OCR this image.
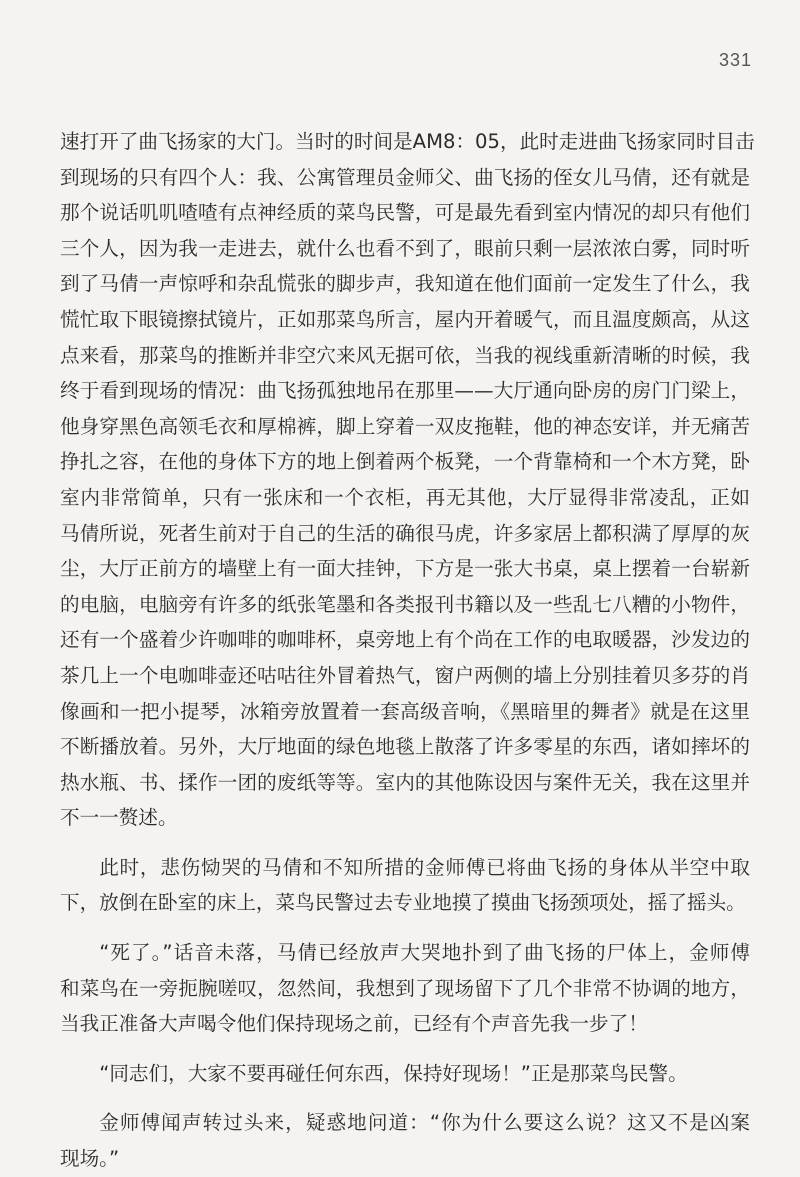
331
速打开了曲飞扬家的大门。当时的时间是AM8：05，此时走进曲飞扬家同时目击
到现场的只有四个人：我、公寓管理员金师父、曲飞扬的侄女儿马倩，还有就是
那个说话叽叽喳喳有点神经质的菜鸟民警，可是最先看到室内情况的却只有他们
三个人，因为我一走进去，就什么也看不到了，眼前只剩一层浓浓白雾，同时听
到了马倩一声惊呼和杂乱慌张的脚步声，我知道在他们面前一定发生了什么，我
慌忙取下眼镜擦拭镜片，正如那菜鸟所言，屋内开着暖气，而且温度颇高，从这
点来看，那菜鸟的推断并非空穴来风无据可依，当我的视线重新清晰的时候，我
终于看到现场的情况：曲飞扬孤独地吊在那里——大厅通向卧房的房门门梁上，
他身穿黑色高领毛衣和厚棉裤，脚上穿着一双皮拖鞋，他的神态安详，并无痛苦
挣扎之容，在他的身体下方的地上倒着两个板凳，一个背靠椅和一个木方凳，卧
室内非常简单，只有一张床和一个衣柜，再无其他，大厅显得非常凌乱，正如
马倩所说，死者生前对于自己的生活的确很马虎，许多家居上都积满了厚厚的灰
尘，大厅正前方的墙壁上有一面大挂钟，下方是一张大书桌，桌上摆着一台崭新
的电脑，电脑旁有许多的纸张笔墨和各类报刊书籍以及一些乱七八糟的小物件，
还有一个盛着少许咖啡的咖啡杯，桌旁地上有个尚在工作的电取暖器，沙发边的
茶几上一个电咖啡壶还咕咕往外冒着热气，窗户两侧的墙上分别挂着贝多芬的肖
像画和一把小提琴，冰箱旁放置着一套高级音响，《黑暗里的舞者》就是在这里
不断播放着。另外，大厅地面的绿色地毯上散落了许多零星的东西，诸如摔坏的
热水瓶、书、揉作一团的废纸等等。室内的其他陈设因与案件无关，我在这里并
不一一赘述。
此时，悲伤恸哭的马倩和不知所措的金师傅已将曲飞扬的身体从半空中取
下，放倒在卧室的床上，菜鸟民警过去专业地摸了摸曲飞扬颈项处，摇了摇头。
“死了。”话音未落，马倩已经放声大哭地扑到了曲飞扬的尸体上，金师傅
和菜鸟在一旁扼腕嗟叹，忽然间，我想到了现场留下了几个非常不协调的地方，
当我正准备大声喝令他们保持现场之前，已经有个声音先我一步了！
“同志们，大家不要再碰任何东西，保持好现场！”正是那菜鸟民警。
金师傅闻声转过头来，疑惑地问道：“你为什么要这么说？这又不是凶案
现场。”
